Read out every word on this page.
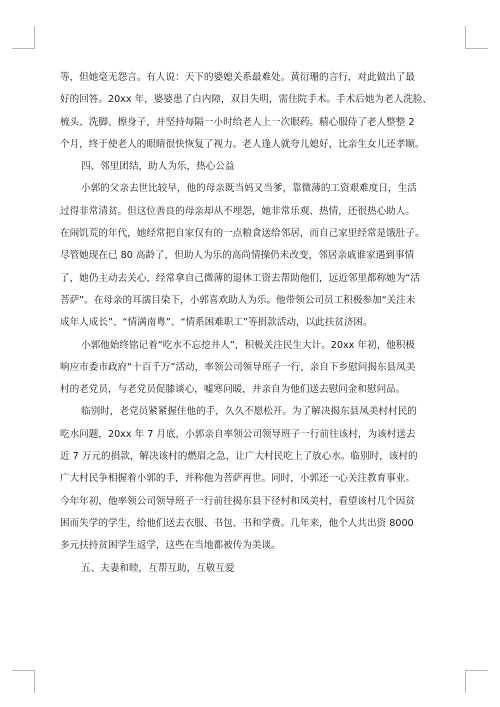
等，但她毫无怨言。有人说：天下的婆媳关系最难处。黄衍珊的言行，对此做出了最

好的回答。20xx 年，婆婆患了白内障，双目失明，需住院手术。手术后她为老人洗脸、

梳头、洗脚、擦身子，并坚持每隔一小时给老人上一次眼药。精心服侍了老人整整 2

个月，终于使老人的眼睛很快恢复了视力。老人逢人就夸儿媳好，比亲生女儿还孝顺。

四、邻里团结，助人为乐，热心公益

小郭的父亲去世比较早，他的母亲既当妈又当爹，靠微薄的工资艰难度日，生活

过得非常清贫。但这位善良的母亲却从不埋怨，她非常乐观、热情，还很热心助人。

在闹饥荒的年代，她经常把自家仅有的一点粮食送给邻居，而自己家里经常是饿肚子。

尽管她现在已 80 高龄了，但助人为乐的高尚情操仍未改变，邻居亲戚谁家遇到事情

了，她仍主动去关心，经常拿自己微薄的退休工资去帮助他们，远近邻里都称她为“活

菩萨”。在母亲的耳濡目染下，小郭喜欢助人为乐。他带领公司员工积极参加“关注未

成年人成长”、“情满南粤”、“情系困难职工”等捐款活动，以此扶贫济困。

小郭他始终铭记着“吃水不忘挖井人”，积极关注民生大计。20xx 年初，他积极

响应市委市政府“十百千万”活动，率领公司领导班子一行，亲自下乡慰问揭东县凤美

村的老党员，与老党员促膝谈心，嘘寒问暖，并亲自为他们送去慰问金和慰问品。

临别时，老党员紧紧握住他的手，久久不愿松开。为了解决揭东县凤美村村民的

吃水问题，20xx 年 7 月底，小郭亲自率领公司领导班子一行前往该村，为该村送去

近 7 万元的捐款，解决该村的燃眉之急，让广大村民吃上了放心水。临别时，该村的

广大村民争相握着小郭的手，并称他为菩萨再世。同时，小郭还一心关注教育事业。

今年年初，他率领公司领导班子一行前往揭东县下径村和凤美村，看望该村几个因贫

困而失学的学生，给他们送去衣服、书包、书和学费。几年来，他个人共出资 8000

多元扶持贫困学生返学，这些在当地都被传为美谈。

五、夫妻和睦，互帮互助，互敬互爱
